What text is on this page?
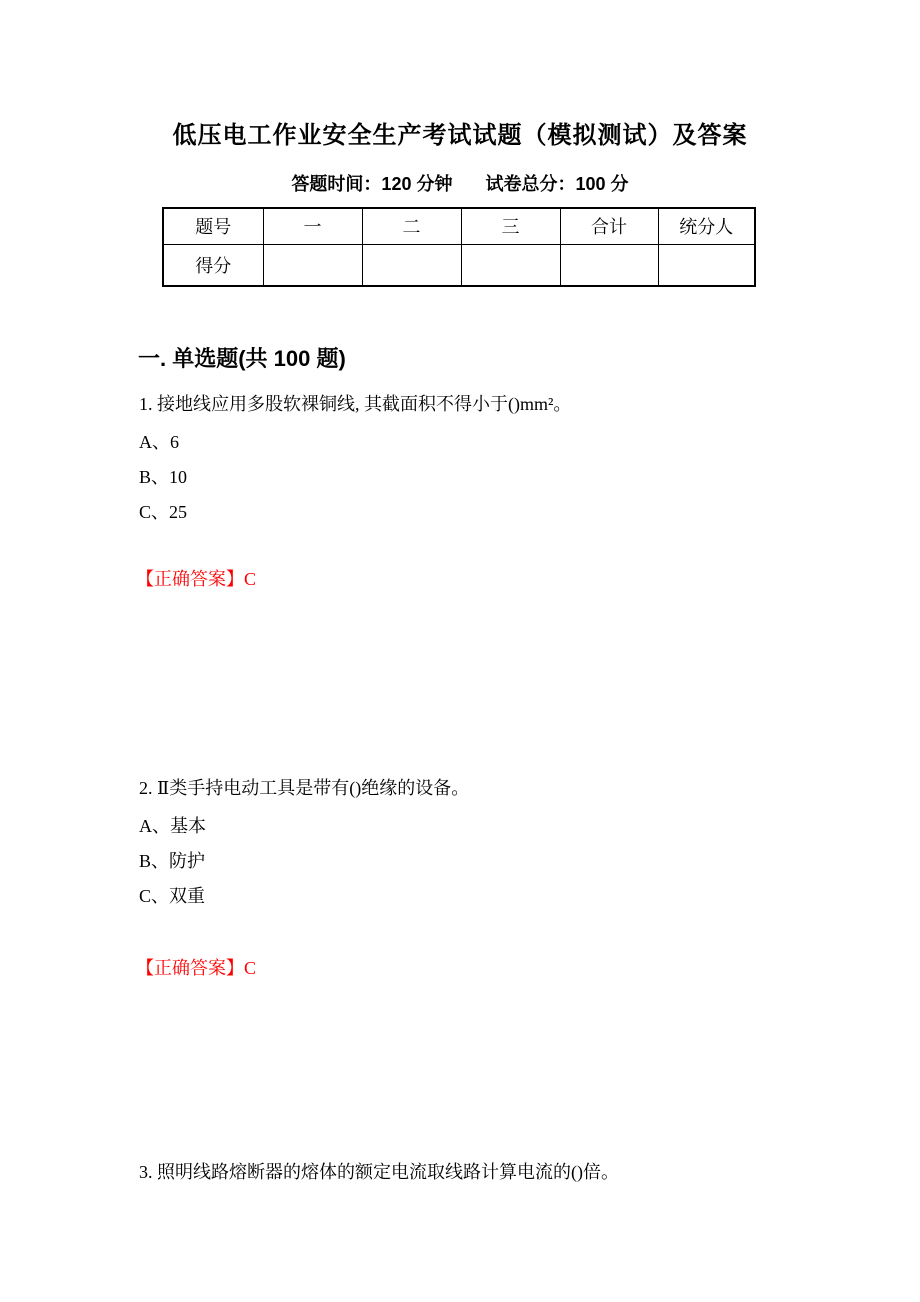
低压电工作业安全生产考试试题（模拟测试）及答案
答题时间：120 分钟 试卷总分：100 分
题号	一	二	三	合计	统分人
得分					
一. 单选题(共 100 题)
1. 接地线应用多股软裸铜线, 其截面积不得小于()mm²。
A、6
B、10
C、25
【正确答案】C
2. Ⅱ类手持电动工具是带有()绝缘的设备。
A、基本
B、防护
C、双重
【正确答案】C
3. 照明线路熔断器的熔体的额定电流取线路计算电流的()倍。
